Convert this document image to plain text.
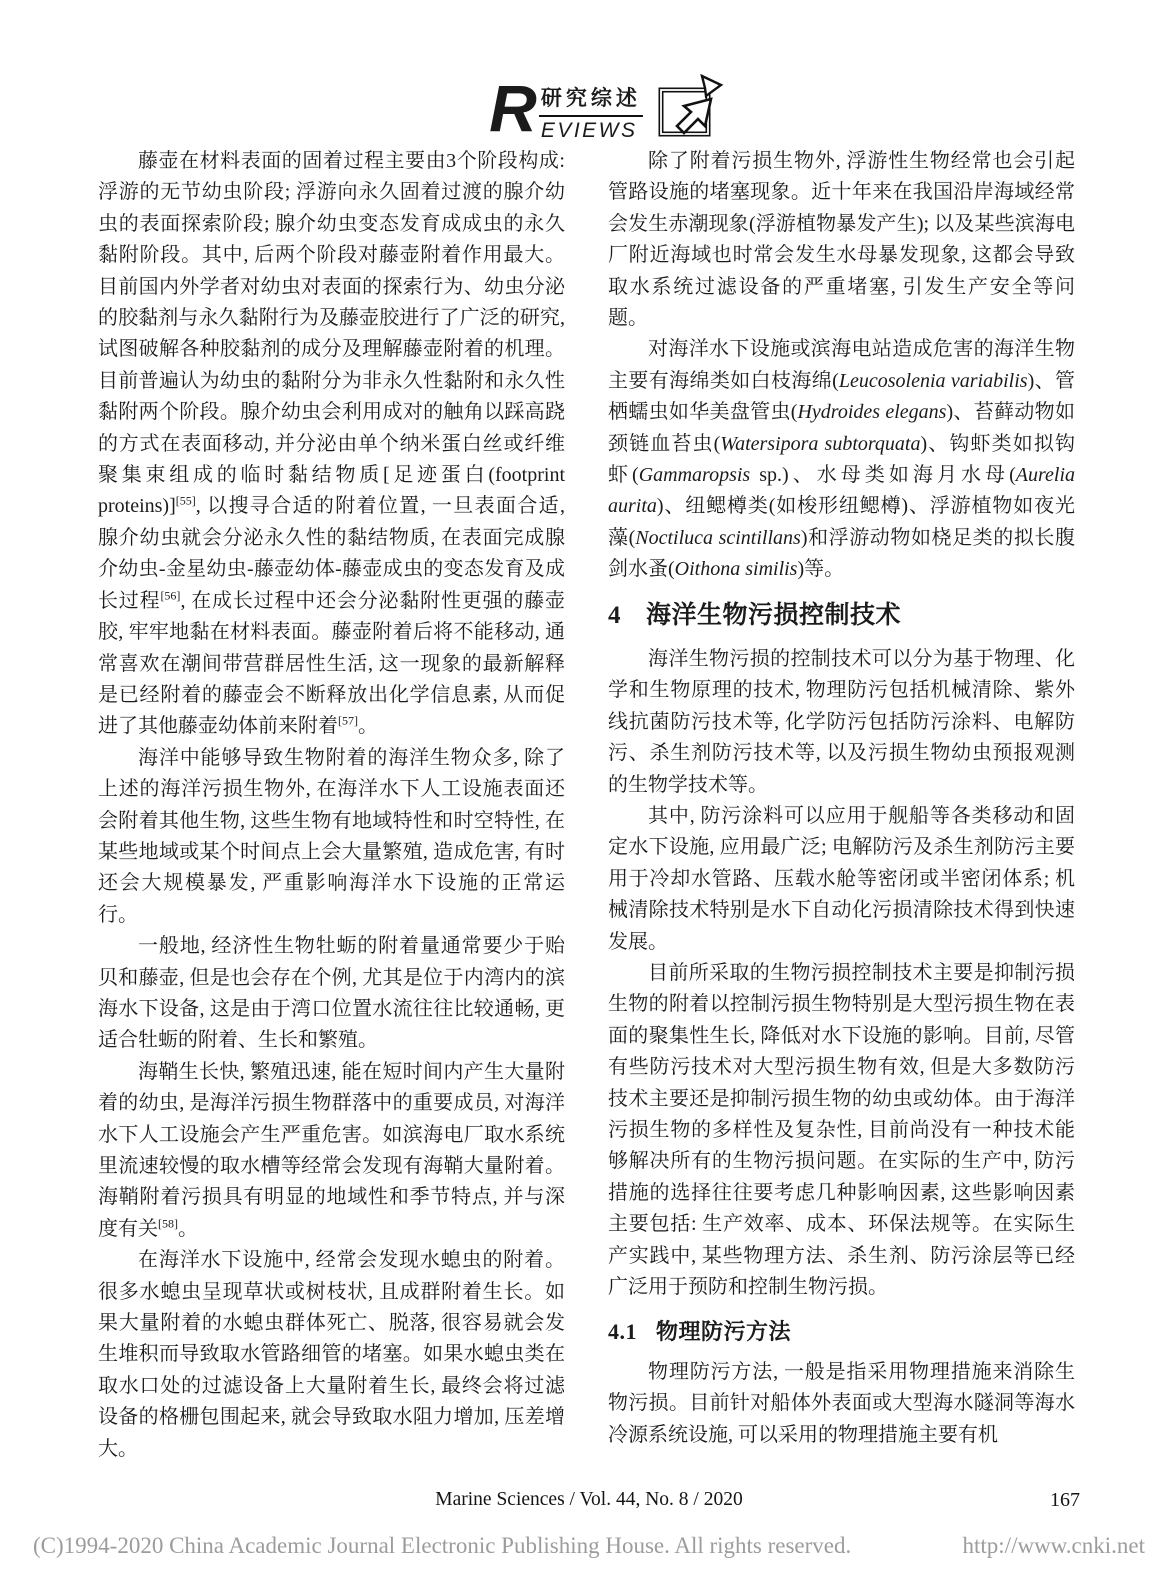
R 研究综述
EVIEWS

藤壶在材料表面的固着过程主要由3个阶段构成: 浮游的无节幼虫阶段; 浮游向永久固着过渡的腺介幼虫的表面探索阶段; 腺介幼虫变态发育成成虫的永久黏附阶段。其中, 后两个阶段对藤壶附着作用最大。目前国内外学者对幼虫对表面的探索行为、幼虫分泌的胶黏剂与永久黏附行为及藤壶胶进行了广泛的研究, 试图破解各种胶黏剂的成分及理解藤壶附着的机理。目前普遍认为幼虫的黏附分为非永久性黏附和永久性黏附两个阶段。腺介幼虫会利用成对的触角以踩高跷的方式在表面移动, 并分泌由单个纳米蛋白丝或纤维聚集束组成的临时黏结物质[足迹蛋白(footprint proteins)][55], 以搜寻合适的附着位置, 一旦表面合适, 腺介幼虫就会分泌永久性的黏结物质, 在表面完成腺介幼虫-金星幼虫-藤壶幼体-藤壶成虫的变态发育及成长过程[56], 在成长过程中还会分泌黏附性更强的藤壶胶, 牢牢地黏在材料表面。藤壶附着后将不能移动, 通常喜欢在潮间带营群居性生活, 这一现象的最新解释是已经附着的藤壶会不断释放出化学信息素, 从而促进了其他藤壶幼体前来附着[57]。

海洋中能够导致生物附着的海洋生物众多, 除了上述的海洋污损生物外, 在海洋水下人工设施表面还会附着其他生物, 这些生物有地域特性和时空特性, 在某些地域或某个时间点上会大量繁殖, 造成危害, 有时还会大规模暴发, 严重影响海洋水下设施的正常运行。

一般地, 经济性生物牡蛎的附着量通常要少于贻贝和藤壶, 但是也会存在个例, 尤其是位于内湾内的滨海水下设备, 这是由于湾口位置水流往往比较通畅, 更适合牡蛎的附着、生长和繁殖。

海鞘生长快, 繁殖迅速, 能在短时间内产生大量附着的幼虫, 是海洋污损生物群落中的重要成员, 对海洋水下人工设施会产生严重危害。如滨海电厂取水系统里流速较慢的取水槽等经常会发现有海鞘大量附着。海鞘附着污损具有明显的地域性和季节特点, 并与深度有关[58]。

在海洋水下设施中, 经常会发现水螅虫的附着。很多水螅虫呈现草状或树枝状, 且成群附着生长。如果大量附着的水螅虫群体死亡、脱落, 很容易就会发生堆积而导致取水管路细管的堵塞。如果水螅虫类在取水口处的过滤设备上大量附着生长, 最终会将过滤设备的格栅包围起来, 就会导致取水阻力增加, 压差增大。

除了附着污损生物外, 浮游性生物经常也会引起管路设施的堵塞现象。近十年来在我国沿岸海域经常会发生赤潮现象(浮游植物暴发产生); 以及某些滨海电厂附近海域也时常会发生水母暴发现象, 这都会导致取水系统过滤设备的严重堵塞, 引发生产安全等问题。

对海洋水下设施或滨海电站造成危害的海洋生物主要有海绵类如白枝海绵(Leucosolenia variabilis)、管栖蠕虫如华美盘管虫(Hydroides elegans)、苔藓动物如颈链血苔虫(Watersipora subtorquata)、钩虾类如拟钩虾(Gammaropsis sp.)、水母类如海月水母(Aurelia aurita)、纽鳃樽类(如梭形纽鳃樽)、浮游植物如夜光藻(Noctiluca scintillans)和浮游动物如桡足类的拟长腹剑水蚤(Oithona similis)等。

4 海洋生物污损控制技术

海洋生物污损的控制技术可以分为基于物理、化学和生物原理的技术, 物理防污包括机械清除、紫外线抗菌防污技术等, 化学防污包括防污涂料、电解防污、杀生剂防污技术等, 以及污损生物幼虫预报观测的生物学技术等。

其中, 防污涂料可以应用于舰船等各类移动和固定水下设施, 应用最广泛; 电解防污及杀生剂防污主要用于冷却水管路、压载水舱等密闭或半密闭体系; 机械清除技术特别是水下自动化污损清除技术得到快速发展。

目前所采取的生物污损控制技术主要是抑制污损生物的附着以控制污损生物特别是大型污损生物在表面的聚集性生长, 降低对水下设施的影响。目前, 尽管有些防污技术对大型污损生物有效, 但是大多数防污技术主要还是抑制污损生物的幼虫或幼体。由于海洋污损生物的多样性及复杂性, 目前尚没有一种技术能够解决所有的生物污损问题。在实际的生产中, 防污措施的选择往往要考虑几种影响因素, 这些影响因素主要包括: 生产效率、成本、环保法规等。在实际生产实践中, 某些物理方法、杀生剂、防污涂层等已经广泛用于预防和控制生物污损。

4.1 物理防污方法

物理防污方法, 一般是指采用物理措施来消除生物污损。目前针对船体外表面或大型海水隧洞等海水冷源系统设施, 可以采用的物理措施主要有机

Marine Sciences / Vol. 44, No. 8 / 2020	167
(C)1994-2020 China Academic Journal Electronic Publishing House. All rights reserved.	http://www.cnki.net
